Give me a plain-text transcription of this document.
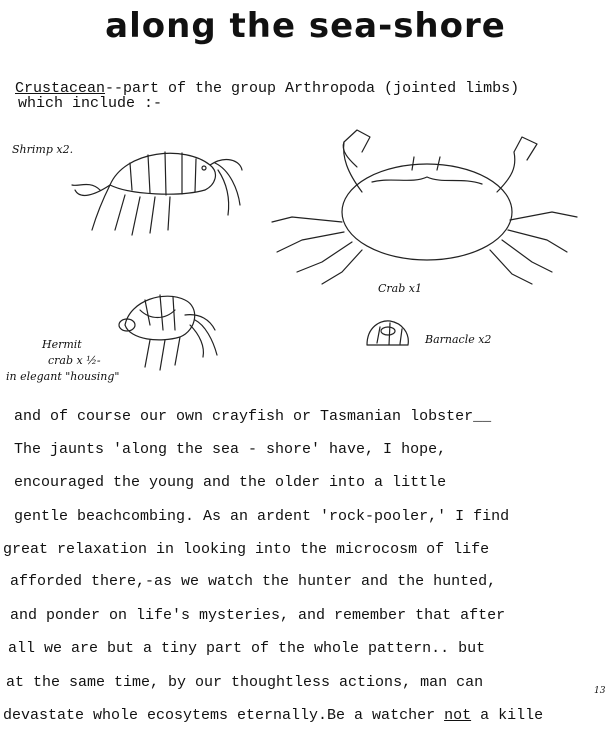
along the sea-shore
Crustacean--part of the group Arthropoda (jointed limbs)
which include :-
Shrimp x2.
Crab x1
Hermit
crab x ½-
in elegant "housing"
Barnacle x2
and of course our own crayfish or Tasmanian lobster__
The jaunts 'along the sea - shore' have, I hope,
encouraged the young and the older into a little
gentle beachcombing. As an ardent 'rock-pooler,' I find
great relaxation in looking into the microcosm of life
afforded there,-as we watch the hunter and the hunted,
and ponder on life's mysteries, and remember that after
all we are but a tiny part of the whole pattern.. but
at the same time, by our thoughtless actions, man can
devastate whole ecosytems eternally.Be a watcher not a kille
13
